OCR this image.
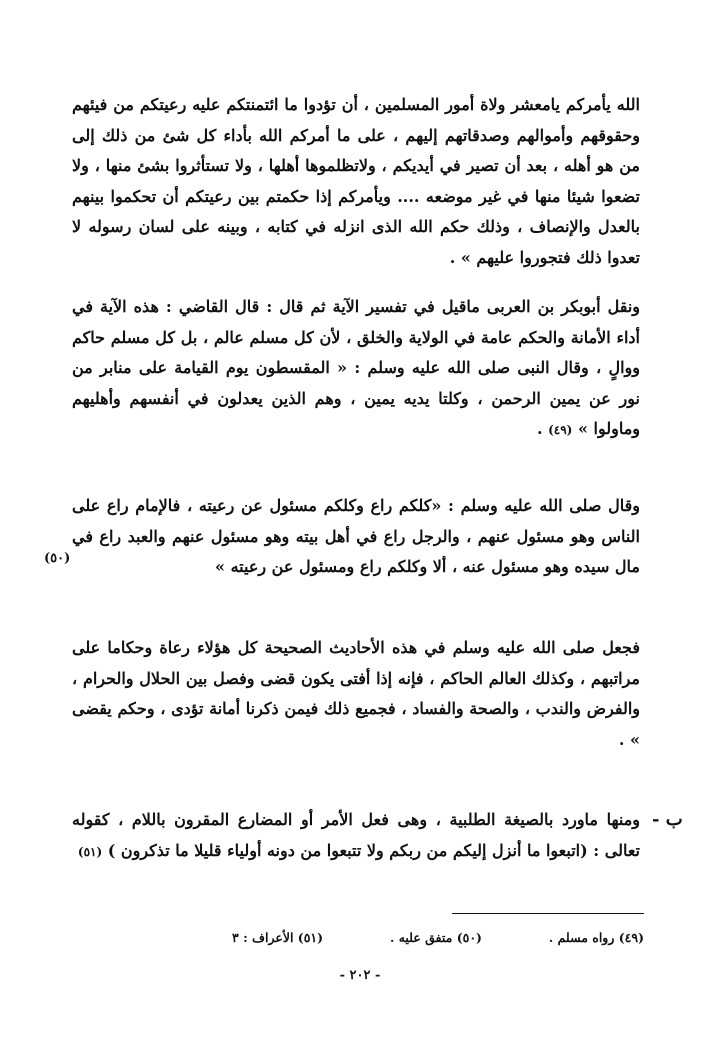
الله يأمركم يامعشر ولاة أمور المسلمين ، أن تؤدوا ما ائتمنتكم عليه رعيتكم من فيئهم وحقوقهم وأموالهم وصدقاتهم إليهم ، على ما أمركم الله بأداء كل شئ من ذلك إلى من هو أهله ، بعد أن تصير في أيديكم ، ولاتظلموها أهلها ، ولا تستأثروا بشئ منها ، ولا تضعوا شيئا منها في غير موضعه .... ويأمركم إذا حكمتم بين رعيتكم أن تحكموا بينهم بالعدل والإنصاف ، وذلك حكم الله الذى انزله في كتابه ، وبينه على لسان رسوله لا تعدوا ذلك فتجوروا عليهم » .
ونقل أبوبكر بن العربى ماقيل في تفسير الآية ثم قال : قال القاضي : هذه الآية في أداء الأمانة والحكم عامة في الولاية والخلق ، لأن كل مسلم عالم ، بل كل مسلم حاكم ووالٍ ، وقال النبى صلى الله عليه وسلم : « المقسطون يوم القيامة على منابر من نور عن يمين الرحمن ، وكلتا يديه يمين ، وهم الذين يعدلون في أنفسهم وأهليهم وماولوا » (٤٩) .
وقال صلى الله عليه وسلم : «كلكم راع وكلكم مسئول عن رعيته ، فالإمام راع على الناس وهو مسئول عنهم ، والرجل راع في أهل بيته وهو مسئول عنهم والعبد راع في مال سيده وهو مسئول عنه ، ألا وكلكم راع ومسئول عن رعيته »
(٥٠)
فجعل صلى الله عليه وسلم في هذه الأحاديث الصحيحة كل هؤلاء رعاة وحكاما على مراتبهم ، وكذلك العالم الحاكم ، فإنه إذا أفتى يكون قضى وفصل بين الحلال والحرام ، والفرض والندب ، والصحة والفساد ، فجميع ذلك فيمن ذكرنا أمانة تؤدى ، وحكم يقضى » .
ب -
ومنها ماورد بالصيغة الطلبية ، وهى فعل الأمر أو المضارع المقرون باللام ، كقوله تعالى : (اتبعوا ما أنزل إليكم من ربكم ولا تتبعوا من دونه أولياء قليلا ما تذكرون ) (٥١)
(٤٩) رواه مسلم .
(٥٠) متفق عليه .
(٥١) الأعراف : ٣
- ٢٠٢ -
